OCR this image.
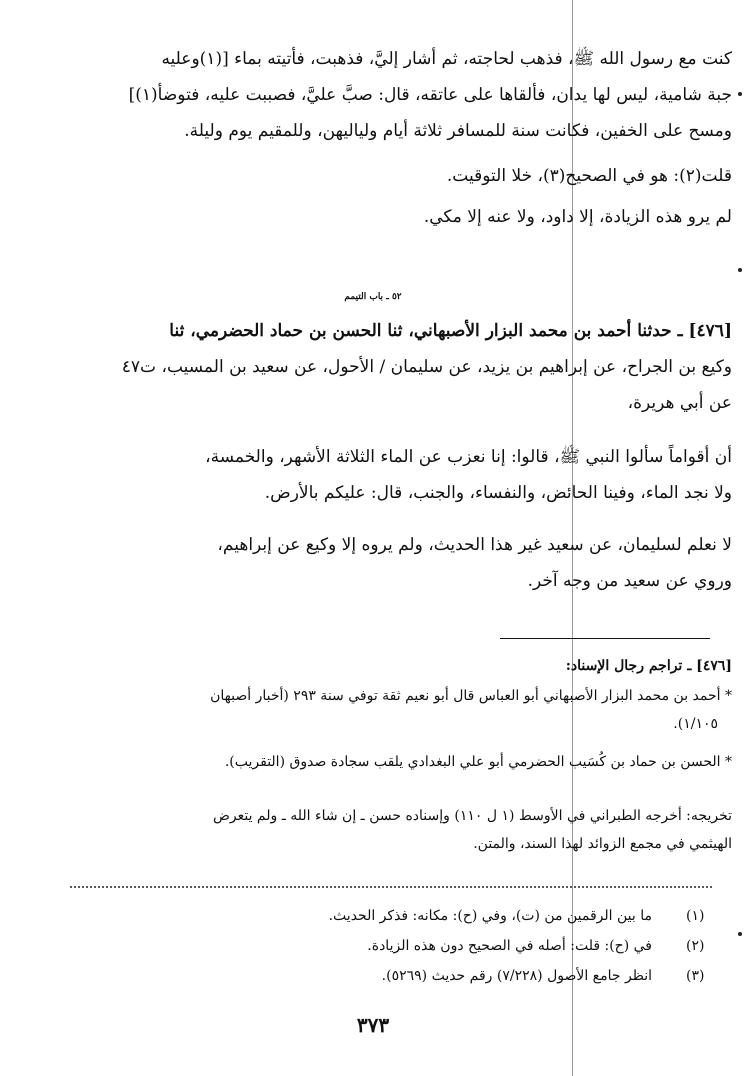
كنت مع رسول الله ﷺ، فذهب لحاجته، ثم أشار إليَّ، فذهبت، فأتيته بماء [(١)وعليه
جبة شامية، ليس لها يدان، فألقاها على عاتقه، قال: صبَّ عليَّ، فصببت عليه، فتوضأ(١)]
ومسح على الخفين، فكانت سنة للمسافر ثلاثة أيام ولياليهن، وللمقيم يوم وليلة.
قلت(٢): هو في الصحيح(٣)، خلا التوقيت.
لم يرو هذه الزيادة، إلا داود، ولا عنه إلا مكي.
٥٢ ـ باب التيمم
[٤٧٦] ـ حدثنا أحمد بن محمد البزار الأصبهاني، ثنا الحسن بن حماد الحضرمي، ثنا
وكيع بن الجراح، عن إبراهيم بن يزيد، عن سليمان / الأحول، عن سعيد بن المسيب، ت٤٧
عن أبي هريرة،
أن أقواماً سألوا النبي ﷺ، قالوا: إنا نعزب عن الماء الثلاثة الأشهر، والخمسة،
ولا نجد الماء، وفينا الحائض، والنفساء، والجنب، قال: عليكم بالأرض.
لا نعلم لسليمان، عن سعيد غير هذا الحديث، ولم يروه إلا وكيع عن إبراهيم،
وروي عن سعيد من وجه آخر.
[٤٧٦] ـ تراجم رجال الإسناد:
* أحمد بن محمد البزار الأصبهاني أبو العباس قال أبو نعيم ثقة توفي سنة ٢٩٣ (أخبار أصبهان
١/١٠٥).
* الحسن بن حماد بن كُسَيب الحضرمي أبو علي البغدادي يلقب سجادة صدوق (التقريب).
تخريجه: أخرجه الطبراني في الأوسط (١ ل ١١٠) وإسناده حسن ـ إن شاء الله ـ ولم يتعرض
الهيثمي في مجمع الزوائد لهذا السند، والمتن.
(١)
ما بين الرقمين من (ت)، وفي (ح): مكانه: فذكر الحديث.
(٢)
في (ح): قلت: أصله في الصحيح دون هذه الزيادة.
(٣)
انظر جامع الأصول (٧/٢٢٨) رقم حديث (٥٢٦٩).
٣٧٣
